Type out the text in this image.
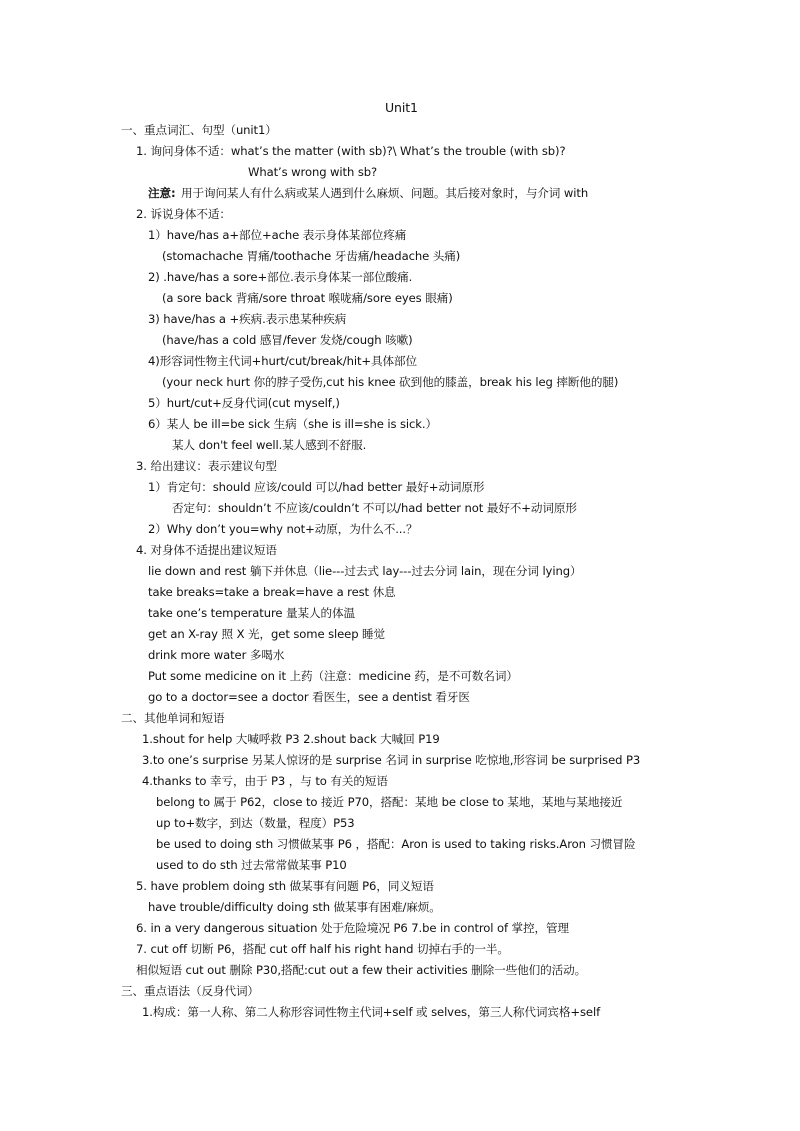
Unit1
一、重点词汇、句型（unit1）
1. 询问身体不适：what’s the matter (with sb)?\ What’s the trouble (with sb)?
What’s wrong with sb?
注意: 用于询问某人有什么病或某人遇到什么麻烦、问题。其后接对象时，与介词 with
2. 诉说身体不适：
1）have/has a+部位+ache 表示身体某部位疼痛
(stomachache 胃痛/toothache 牙齿痛/headache 头痛)
2) .have/has a sore+部位.表示身体某一部位酸痛.
(a sore back 背痛/sore throat 喉咙痛/sore eyes 眼痛)
3) have/has a +疾病.表示患某种疾病
(have/has a cold 感冒/fever 发烧/cough 咳嗽)
4)形容词性物主代词+hurt/cut/break/hit+具体部位
(your neck hurt 你的脖子受伤,cut his knee 砍到他的膝盖，break his leg 摔断他的腿)
5）hurt/cut+反身代词(cut myself,)
6）某人 be ill=be sick 生病（she is ill=she is sick.）
某人 don't feel well.某人感到不舒服.
3. 给出建议：表示建议句型
1）肯定句：should 应该/could 可以/had better 最好+动词原形
否定句：shouldn’t 不应该/couldn’t 不可以/had better not 最好不+动词原形
2）Why don’t you=why not+动原，为什么不...？
4. 对身体不适提出建议短语
lie down and rest 躺下并休息（lie---过去式 lay---过去分词 lain，现在分词 lying）
take breaks=take a break=have a rest 休息
take one’s temperature 量某人的体温
get an X-ray 照 X 光，get some sleep 睡觉
drink more water 多喝水
Put some medicine on it 上药（注意：medicine 药，是不可数名词）
go to a doctor=see a doctor 看医生，see a dentist 看牙医
二、其他单词和短语
1.shout for help 大喊呼救 P3 2.shout back 大喊回 P19
3.to one’s surprise 另某人惊讶的是 surprise 名词 in surprise 吃惊地,形容词 be surprised P3
4.thanks to 幸亏，由于 P3 ，与 to 有关的短语
belong to 属于 P62，close to 接近 P70，搭配：某地 be close to 某地，某地与某地接近
up to+数字，到达（数量，程度）P53
be used to doing sth 习惯做某事 P6 ，搭配：Aron is used to taking risks.Aron 习惯冒险
used to do sth 过去常常做某事 P10
5. have problem doing sth 做某事有问题 P6，同义短语
have trouble/difficulty doing sth 做某事有困难/麻烦。
6. in a very dangerous situation 处于危险境况 P6 7.be in control of 掌控，管理
7. cut off 切断 P6，搭配 cut off half his right hand 切掉右手的一半。
相似短语 cut out 删除 P30,搭配:cut out a few their activities 删除一些他们的活动。
三、重点语法（反身代词）
1.构成：第一人称、第二人称形容词性物主代词+self 或 selves，第三人称代词宾格+self
